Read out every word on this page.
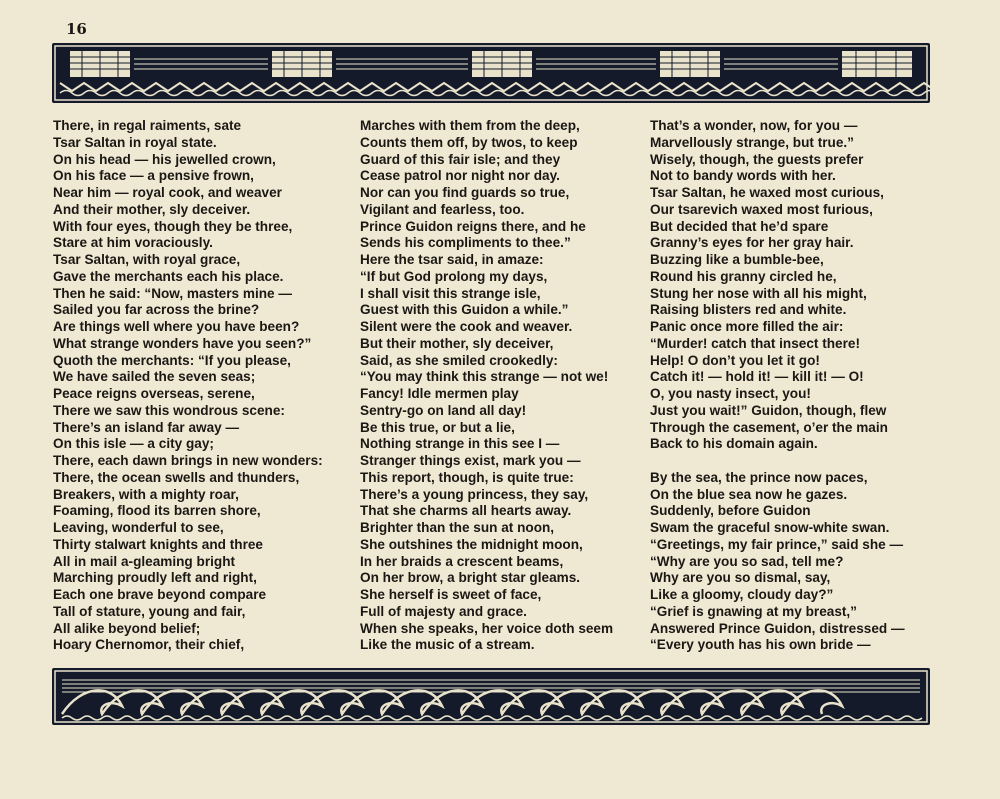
16
There, in regal raiments, sate
Tsar Saltan in royal state.
On his head — his jewelled crown,
On his face — a pensive frown,
Near him — royal cook, and weaver
And their mother, sly deceiver.
With four eyes, though they be three,
Stare at him voraciously.
Tsar Saltan, with royal grace,
Gave the merchants each his place.
Then he said: “Now, masters mine —
Sailed you far across the brine?
Are things well where you have been?
What strange wonders have you seen?”
Quoth the merchants: “If you please,
We have sailed the seven seas;
Peace reigns overseas, serene,
There we saw this wondrous scene:
There’s an island far away —
On this isle — a city gay;
There, each dawn brings in new wonders:
There, the ocean swells and thunders,
Breakers, with a mighty roar,
Foaming, flood its barren shore,
Leaving, wonderful to see,
Thirty stalwart knights and three
All in mail a-gleaming bright
Marching proudly left and right,
Each one brave beyond compare
Tall of stature, young and fair,
All alike beyond belief;
Hoary Chernomor, their chief,
Marches with them from the deep,
Counts them off, by twos, to keep
Guard of this fair isle; and they
Cease patrol nor night nor day.
Nor can you find guards so true,
Vigilant and fearless, too.
Prince Guidon reigns there, and he
Sends his compliments to thee.”
Here the tsar said, in amaze:
“If but God prolong my days,
I shall visit this strange isle,
Guest with this Guidon a while.”
Silent were the cook and weaver.
But their mother, sly deceiver,
Said, as she smiled crookedly:
“You may think this strange — not we!
Fancy! Idle mermen play
Sentry-go on land all day!
Be this true, or but a lie,
Nothing strange in this see I —
Stranger things exist, mark you —
This report, though, is quite true:
There’s a young princess, they say,
That she charms all hearts away.
Brighter than the sun at noon,
She outshines the midnight moon,
In her braids a crescent beams,
On her brow, a bright star gleams.
She herself is sweet of face,
Full of majesty and grace.
When she speaks, her voice doth seem
Like the music of a stream.
That’s a wonder, now, for you —
Marvellously strange, but true.”
Wisely, though, the guests prefer
Not to bandy words with her.
Tsar Saltan, he waxed most curious,
Our tsarevich waxed most furious,
But decided that he’d spare
Granny’s eyes for her gray hair.
Buzzing like a bumble-bee,
Round his granny circled he,
Stung her nose with all his might,
Raising blisters red and white.
Panic once more filled the air:
“Murder! catch that insect there!
Help! O don’t you let it go!
Catch it! — hold it! — kill it! — O!
O, you nasty insect, you!
Just you wait!” Guidon, though, flew
Through the casement, o’er the main
Back to his domain again.
By the sea, the prince now paces,
On the blue sea now he gazes.
Suddenly, before Guidon
Swam the graceful snow-white swan.
“Greetings, my fair prince,” said she —
“Why are you so sad, tell me?
Why are you so dismal, say,
Like a gloomy, cloudy day?”
“Grief is gnawing at my breast,”
Answered Prince Guidon, distressed —
“Every youth has his own bride —
